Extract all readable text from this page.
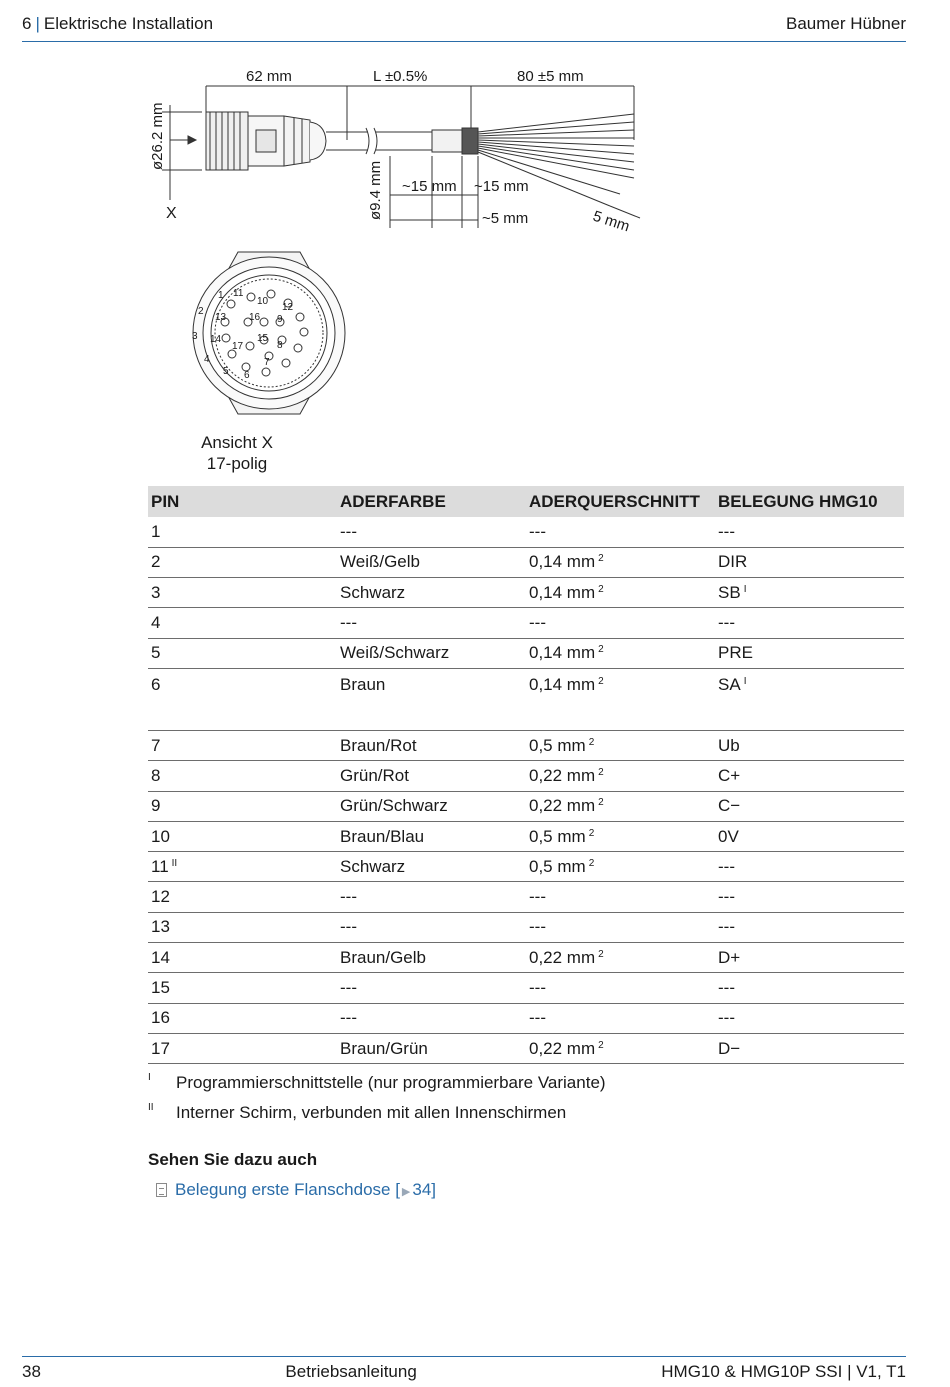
6 | Elektrische Installation	Baumer Hübner
62 mm	L ±0.5%	80 ±5 mm
ø26.2 mm
ø9.4 mm ~15 mm ~15 mm
~5 mm	5 mm
X
1
2
3
4
5 6
7
8
9
10
11
12
13
14	15
16
17
Ansicht X
17-polig
PIN	ADERFARBE	ADERQUERSCHNITT	BELEGUNG HMG10
1	---	---	---
2	Weiß/Gelb	0,14 mm $^2$	DIR
3	Schwarz	0,14 mm $^2$	SB $^I$
4	---	---	---
5	Weiß/Schwarz	0,14 mm $^2$	PRE
6	Braun	0,14 mm $^2$	SA $^I$
7	Braun/Rot	0,5 mm $^2$	Ub
8	Grün/Rot	0,22 mm $^2$	C+
9	Grün/Schwarz	0,22 mm $^2$	C−
10	Braun/Blau	0,5 mm $^2$	0V
11 $^{II}$	Schwarz	0,5 mm $^2$	---
12	---	---	---
13	---	---	---
14	Braun/Gelb	0,22 mm $^2$	D+
15	---	---	---
16	---	---	---
17	Braun/Grün	0,22 mm $^2$	D−
I	Programmierschnittstelle (nur programmierbare Variante)
II	Interner Schirm, verbunden mit allen Innenschirmen
Sehen Sie dazu auch
Belegung erste Flanschdose [ ▶ 34]
38	Betriebsanleitung	HMG10 & HMG10P SSI | V1, T1
